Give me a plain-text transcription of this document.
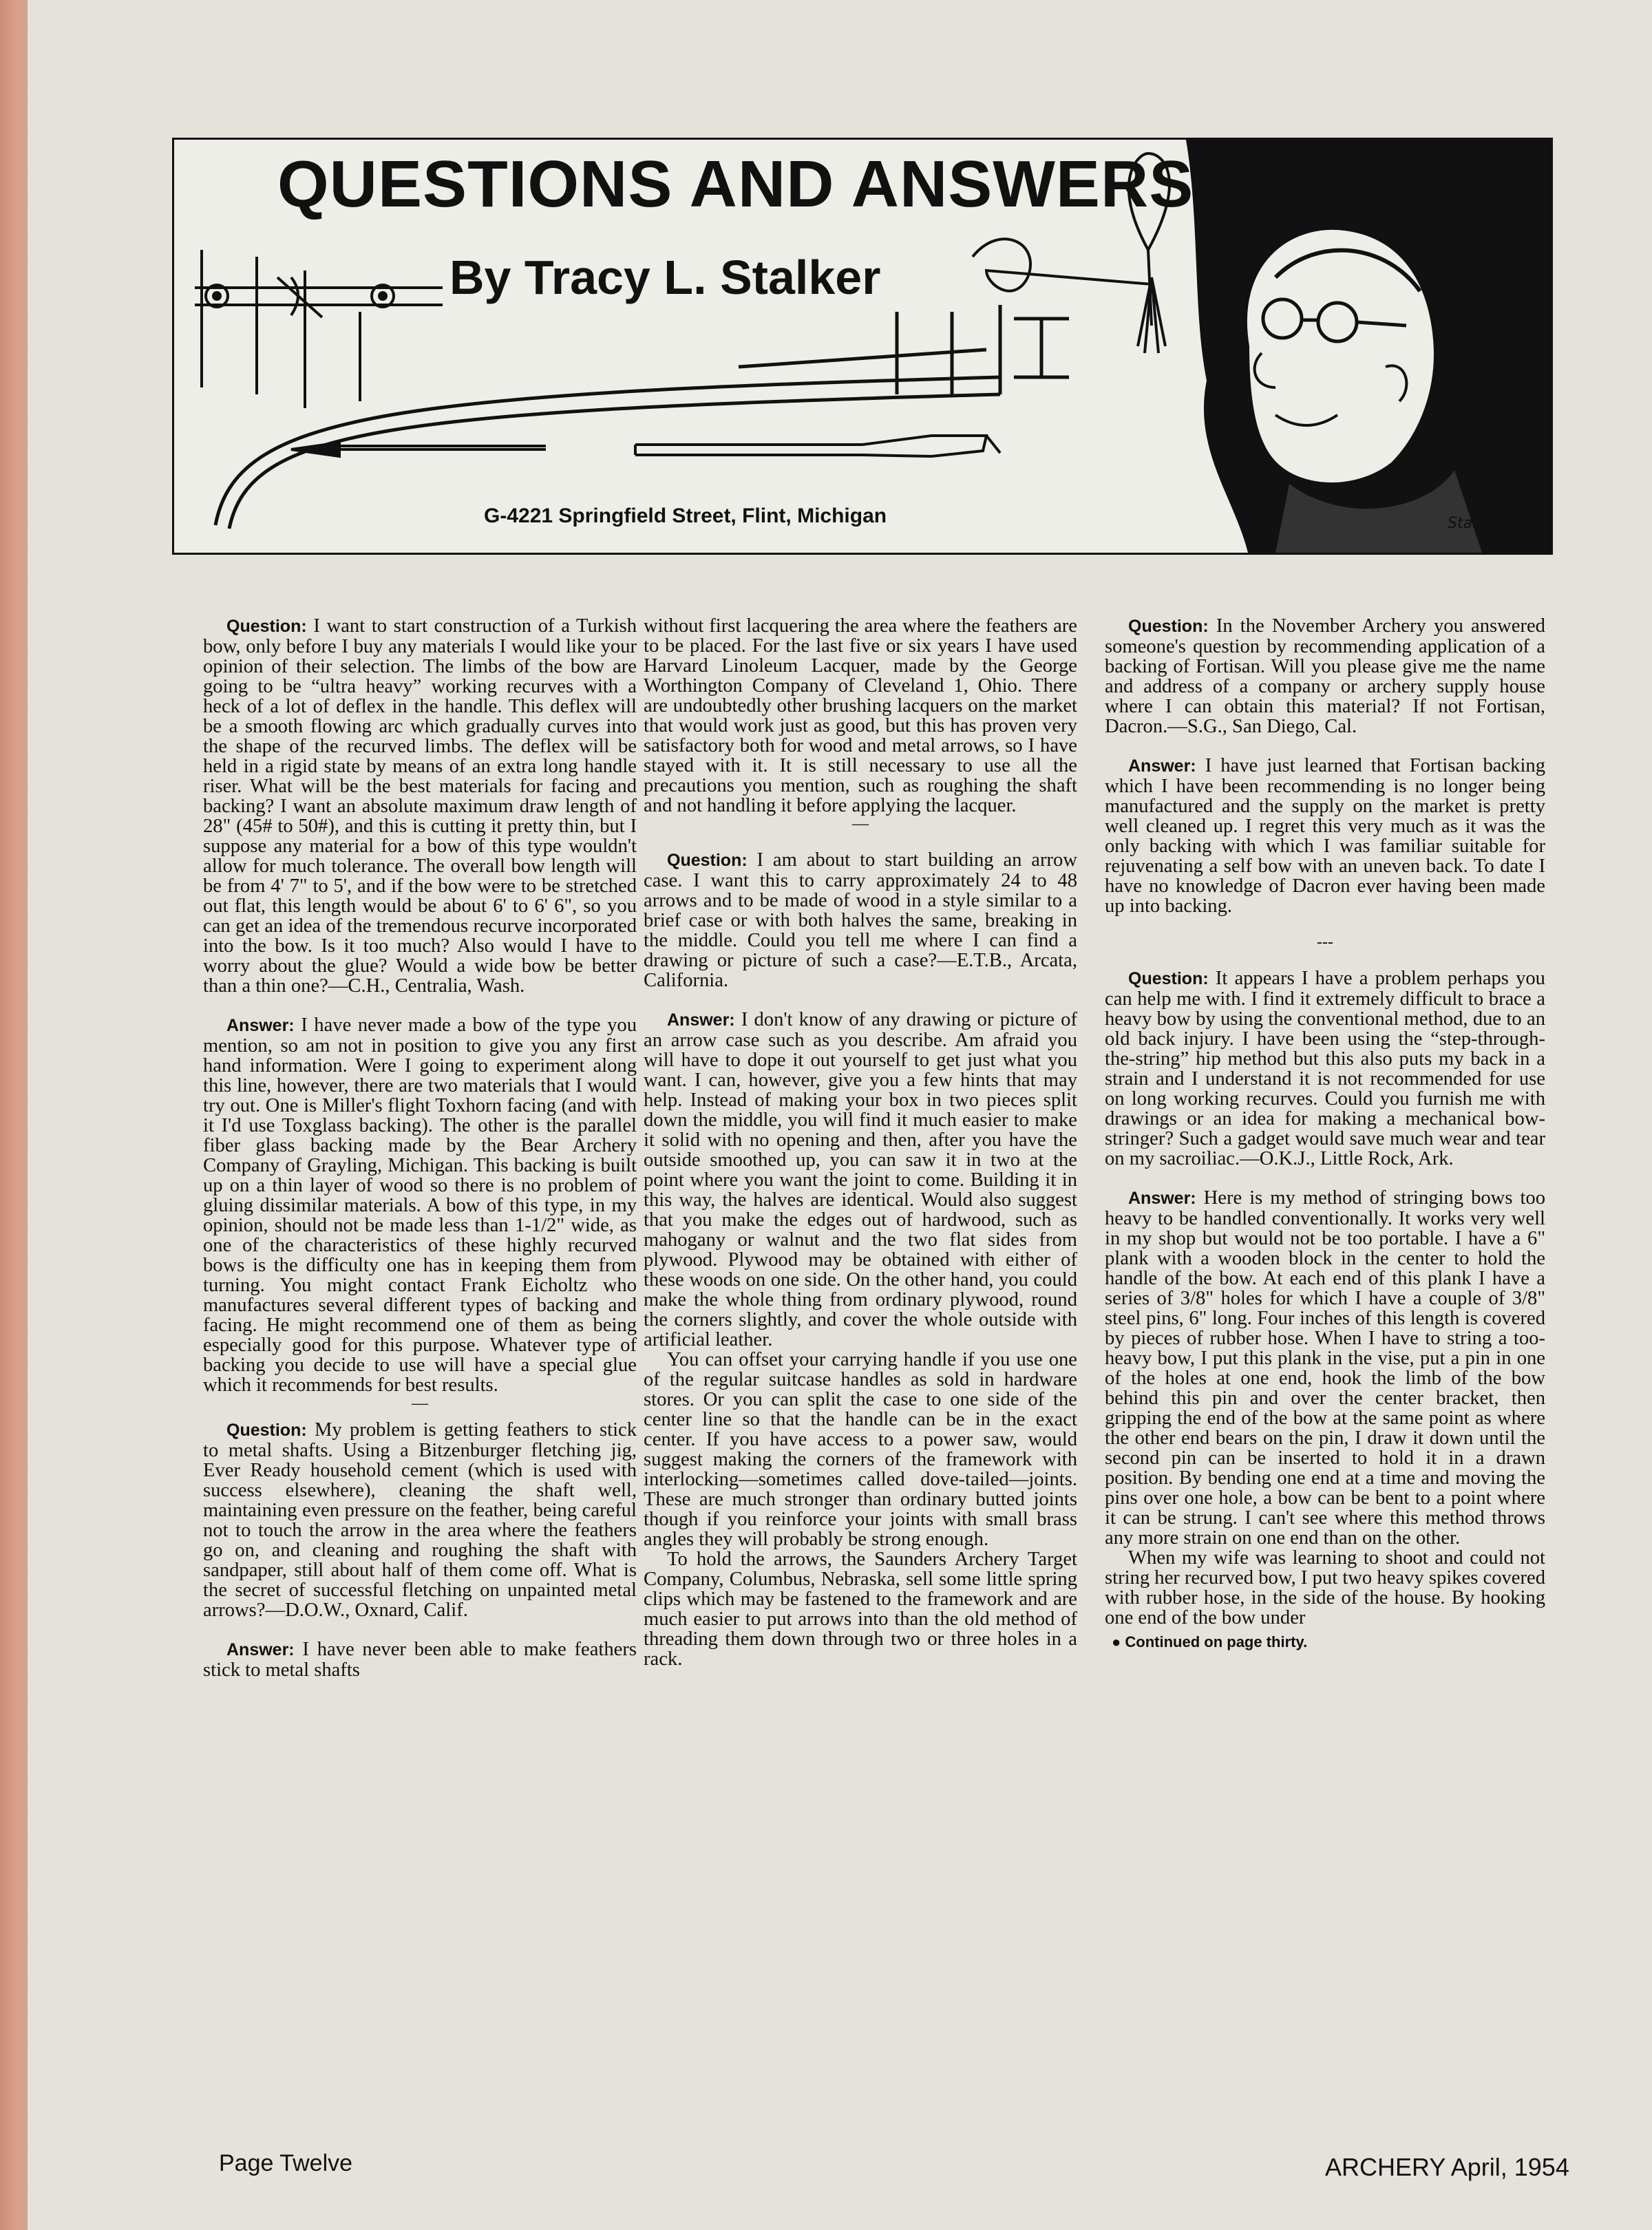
QUESTIONS AND ANSWERS
By Tracy L. Stalker
G-4221 Springfield Street, Flint, Michigan	Stalker

Question: I want to start construction of a Turkish bow, only before I buy any materials I would like your opinion of their selection. The limbs of the bow are going to be “ultra heavy” working recurves with a heck of a lot of deflex in the handle. This deflex will be a smooth flowing arc which gradually curves into the shape of the recurved limbs. The deflex will be held in a rigid state by means of an extra long handle riser. What will be the best materials for facing and backing? I want an absolute maximum draw length of 28" (45# to 50#), and this is cutting it pretty thin, but I suppose any material for a bow of this type wouldn't allow for much tolerance. The overall bow length will be from 4' 7" to 5', and if the bow were to be stretched out flat, this length would be about 6' to 6' 6", so you can get an idea of the tremendous recurve incorporated into the bow. Is it too much? Also would I have to worry about the glue? Would a wide bow be better than a thin one?—C.H., Centralia, Wash.

Answer: I have never made a bow of the type you mention, so am not in position to give you any first hand information. Were I going to experiment along this line, however, there are two materials that I would try out. One is Miller's flight Toxhorn facing (and with it I'd use Toxglass backing). The other is the parallel fiber glass backing made by the Bear Archery Company of Grayling, Michigan. This backing is built up on a thin layer of wood so there is no problem of gluing dissimilar materials. A bow of this type, in my opinion, should not be made less than 1-1/2" wide, as one of the characteristics of these highly recurved bows is the difficulty one has in keeping them from turning. You might contact Frank Eicholtz who manufactures several different types of backing and facing. He might recommend one of them as being especially good for this purpose. Whatever type of backing you decide to use will have a special glue which it recommends for best results.

—

Question: My problem is getting feathers to stick to metal shafts. Using a Bitzenburger fletching jig, Ever Ready household cement (which is used with success elsewhere), cleaning the shaft well, maintaining even pressure on the feather, being careful not to touch the arrow in the area where the feathers go on, and cleaning and roughing the shaft with sandpaper, still about half of them come off. What is the secret of successful fletching on unpainted metal arrows?—D.O.W., Oxnard, Calif.

Answer: I have never been able to make feathers stick to metal shafts

without first lacquering the area where the feathers are to be placed. For the last five or six years I have used Harvard Linoleum Lacquer, made by the George Worthington Company of Cleveland 1, Ohio. There are undoubtedly other brushing lacquers on the market that would work just as good, but this has proven very satisfactory both for wood and metal arrows, so I have stayed with it. It is still necessary to use all the precautions you mention, such as roughing the shaft and not handling it before applying the lacquer.

—

Question: I am about to start building an arrow case. I want this to carry approximately 24 to 48 arrows and to be made of wood in a style similar to a brief case or with both halves the same, breaking in the middle. Could you tell me where I can find a drawing or picture of such a case?—E.T.B., Arcata, California.

Answer: I don't know of any drawing or picture of an arrow case such as you describe. Am afraid you will have to dope it out yourself to get just what you want. I can, however, give you a few hints that may help. Instead of making your box in two pieces split down the middle, you will find it much easier to make it solid with no opening and then, after you have the outside smoothed up, you can saw it in two at the point where you want the joint to come. Building it in this way, the halves are identical. Would also suggest that you make the edges out of hardwood, such as mahogany or walnut and the two flat sides from plywood. Plywood may be obtained with either of these woods on one side. On the other hand, you could make the whole thing from ordinary plywood, round the corners slightly, and cover the whole outside with artificial leather.

You can offset your carrying handle if you use one of the regular suitcase handles as sold in hardware stores. Or you can split the case to one side of the center line so that the handle can be in the exact center. If you have access to a power saw, would suggest making the corners of the framework with interlocking—sometimes called dove-tailed—joints. These are much stronger than ordinary butted joints though if you reinforce your joints with small brass angles they will probably be strong enough.

To hold the arrows, the Saunders Archery Target Company, Columbus, Nebraska, sell some little spring clips which may be fastened to the framework and are much easier to put arrows into than the old method of threading them down through two or three holes in a rack.

Question: In the November Archery you answered someone's question by recommending application of a backing of Fortisan. Will you please give me the name and address of a company or archery supply house where I can obtain this material? If not Fortisan, Dacron.—S.G., San Diego, Cal.

Answer: I have just learned that Fortisan backing which I have been recommending is no longer being manufactured and the supply on the market is pretty well cleaned up. I regret this very much as it was the only backing with which I was familiar suitable for rejuvenating a self bow with an uneven back. To date I have no knowledge of Dacron ever having been made up into backing.

---

Question: It appears I have a problem perhaps you can help me with. I find it extremely difficult to brace a heavy bow by using the conventional method, due to an old back injury. I have been using the “step-through-the-string” hip method but this also puts my back in a strain and I understand it is not recommended for use on long working recurves. Could you furnish me with drawings or an idea for making a mechanical bow-stringer? Such a gadget would save much wear and tear on my sacroiliac.—O.K.J., Little Rock, Ark.

Answer: Here is my method of stringing bows too heavy to be handled conventionally. It works very well in my shop but would not be too portable. I have a 6" plank with a wooden block in the center to hold the handle of the bow. At each end of this plank I have a series of 3/8" holes for which I have a couple of 3/8" steel pins, 6" long. Four inches of this length is covered by pieces of rubber hose. When I have to string a too-heavy bow, I put this plank in the vise, put a pin in one of the holes at one end, hook the limb of the bow behind this pin and over the center bracket, then gripping the end of the bow at the same point as where the other end bears on the pin, I draw it down until the second pin can be inserted to hold it in a drawn position. By bending one end at a time and moving the pins over one hole, a bow can be bent to a point where it can be strung. I can't see where this method throws any more strain on one end than on the other.

When my wife was learning to shoot and could not string her recurved bow, I put two heavy spikes covered with rubber hose, in the side of the house. By hooking one end of the bow under

● Continued on page thirty.
Page Twelve	ARCHERY April, 1954
